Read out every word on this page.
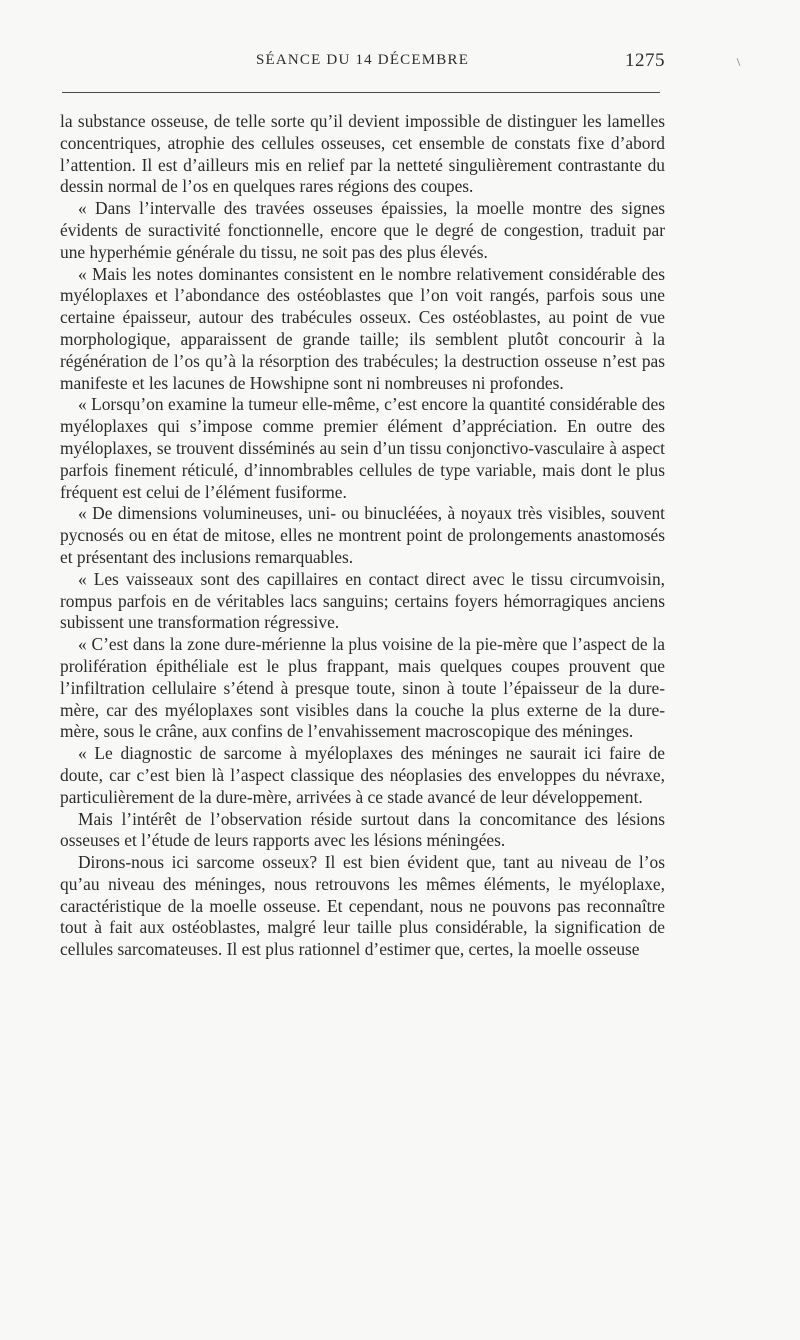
SÉANCE DU 14 DÉCEMBRE	1275

la substance osseuse, de telle sorte qu’il devient impossible de distinguer les lamelles concentriques, atrophie des cellules osseuses, cet ensemble de constats fixe d’abord l’attention. Il est d’ailleurs mis en relief par la netteté singulièrement contrastante du dessin normal de l’os en quelques rares régions des coupes.

« Dans l’intervalle des travées osseuses épaissies, la moelle montre des signes évidents de suractivité fonctionnelle, encore que le degré de congestion, traduit par une hyperhémie générale du tissu, ne soit pas des plus élevés.

« Mais les notes dominantes consistent en le nombre relativement considérable des myéloplaxes et l’abondance des ostéoblastes que l’on voit rangés, parfois sous une certaine épaisseur, autour des trabécules osseux. Ces ostéoblastes, au point de vue morphologique, apparaissent de grande taille; ils semblent plutôt concourir à la régénération de l’os qu’à la résorption des trabécules; la destruction osseuse n’est pas manifeste et les lacunes de Howshipne sont ni nombreuses ni profondes.

« Lorsqu’on examine la tumeur elle-même, c’est encore la quantité considérable des myéloplaxes qui s’impose comme premier élément d’appréciation. En outre des myéloplaxes, se trouvent disséminés au sein d’un tissu conjonctivo-vasculaire à aspect parfois finement réticulé, d’innombrables cellules de type variable, mais dont le plus fréquent est celui de l’élément fusiforme.

« De dimensions volumineuses, uni- ou binucléées, à noyaux très visibles, souvent pycnosés ou en état de mitose, elles ne montrent point de prolongements anastomosés et présentant des inclusions remarquables.

« Les vaisseaux sont des capillaires en contact direct avec le tissu circumvoisin, rompus parfois en de véritables lacs sanguins; certains foyers hémorragiques anciens subissent une transformation régressive.

« C’est dans la zone dure-mérienne la plus voisine de la pie-mère que l’aspect de la prolifération épithéliale est le plus frappant, mais quelques coupes prouvent que l’infiltration cellulaire s’étend à presque toute, sinon à toute l’épaisseur de la dure-mère, car des myéloplaxes sont visibles dans la couche la plus externe de la dure-mère, sous le crâne, aux confins de l’envahissement macroscopique des méninges.

« Le diagnostic de sarcome à myéloplaxes des méninges ne saurait ici faire de doute, car c’est bien là l’aspect classique des néoplasies des enveloppes du névraxe, particulièrement de la dure-mère, arrivées à ce stade avancé de leur développement.

Mais l’intérêt de l’observation réside surtout dans la concomitance des lésions osseuses et l’étude de leurs rapports avec les lésions méningées.

Dirons-nous ici sarcome osseux? Il est bien évident que, tant au niveau de l’os qu’au niveau des méninges, nous retrouvons les mêmes éléments, le myéloplaxe, caractéristique de la moelle osseuse. Et cependant, nous ne pouvons pas reconnaître tout à fait aux ostéoblastes, malgré leur taille plus considérable, la signification de cellules sarcomateuses. Il est plus rationnel d’estimer que, certes, la moelle osseuse
